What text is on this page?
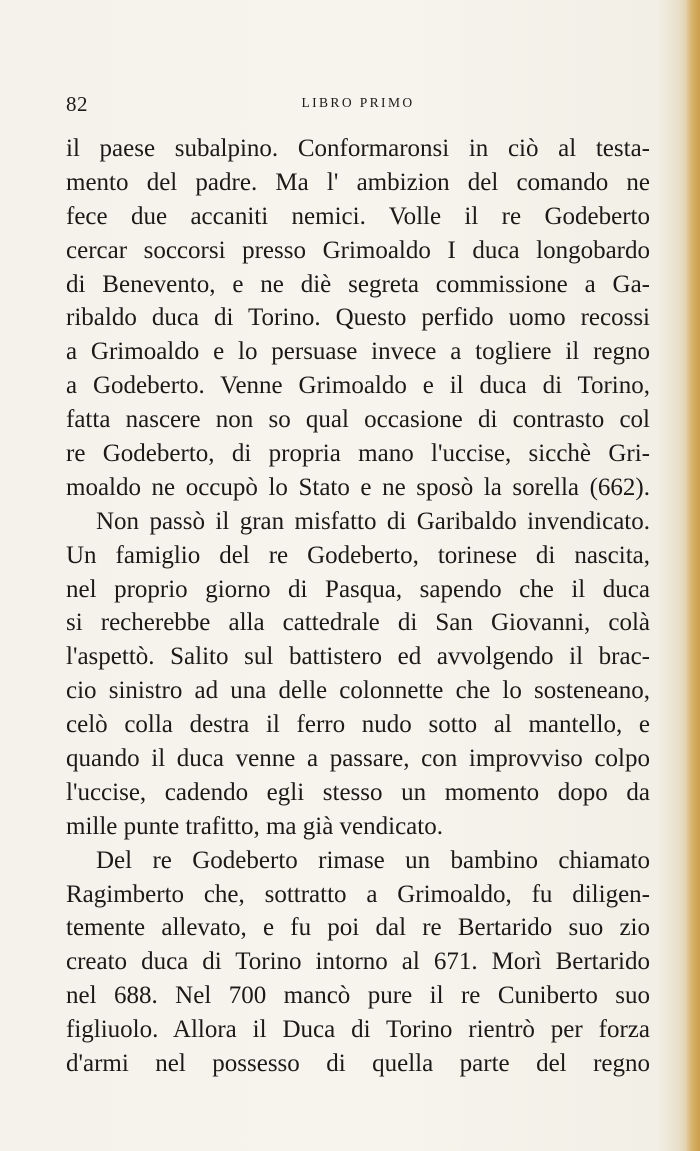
82	LIBRO PRIMO
il paese subalpino. Conformaronsi in ciò al testa-
mento del padre. Ma l' ambizion del comando ne
fece due accaniti nemici. Volle il re Godeberto
cercar soccorsi presso Grimoaldo I duca longobardo
di Benevento, e ne diè segreta commissione a Ga-
ribaldo duca di Torino. Questo perfido uomo recossi
a Grimoaldo e lo persuase invece a togliere il regno
a Godeberto. Venne Grimoaldo e il duca di Torino,
fatta nascere non so qual occasione di contrasto col
re Godeberto, di propria mano l'uccise, sicchè Gri-
moaldo ne occupò lo Stato e ne sposò la sorella (662).
Non passò il gran misfatto di Garibaldo invendicato.
Un famiglio del re Godeberto, torinese di nascita,
nel proprio giorno di Pasqua, sapendo che il duca
si recherebbe alla cattedrale di San Giovanni, colà
l'aspettò. Salito sul battistero ed avvolgendo il brac-
cio sinistro ad una delle colonnette che lo sosteneano,
celò colla destra il ferro nudo sotto al mantello, e
quando il duca venne a passare, con improvviso colpo
l'uccise, cadendo egli stesso un momento dopo da
mille punte trafitto, ma già vendicato.
Del re Godeberto rimase un bambino chiamato
Ragimberto che, sottratto a Grimoaldo, fu diligen-
temente allevato, e fu poi dal re Bertarido suo zio
creato duca di Torino intorno al 671. Morì Bertarido
nel 688. Nel 700 mancò pure il re Cuniberto suo
figliuolo. Allora il Duca di Torino rientrò per forza
d'armi nel possesso di quella parte del regno
